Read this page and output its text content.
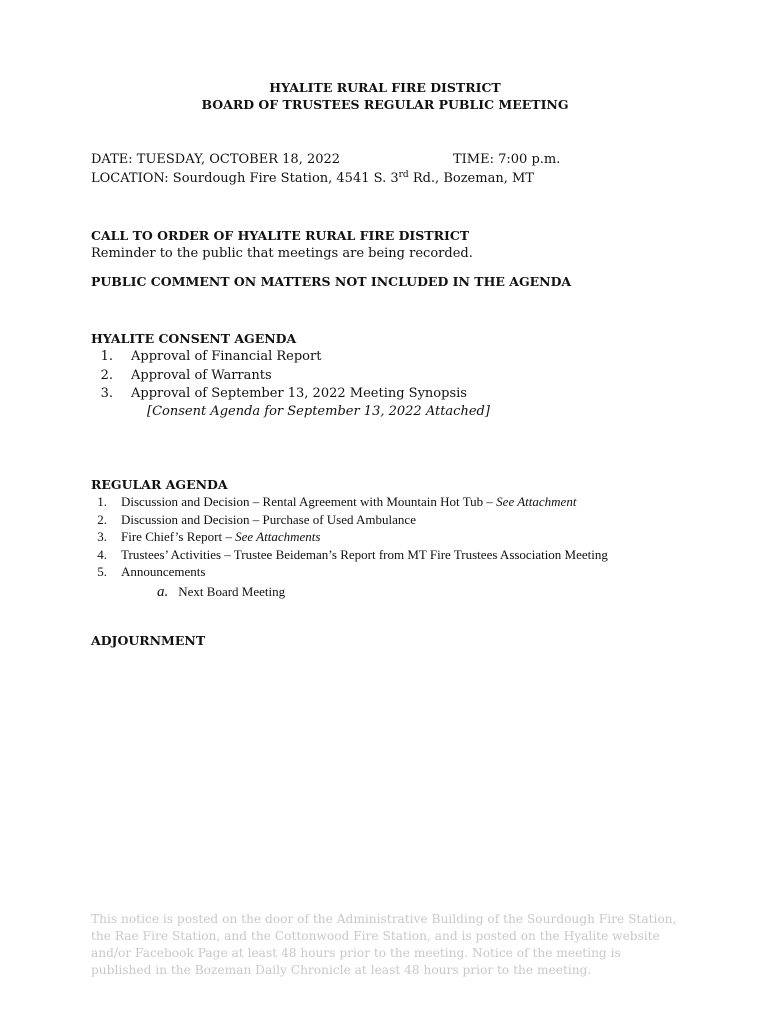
HYALITE RURAL FIRE DISTRICT
BOARD OF TRUSTEES REGULAR PUBLIC MEETING
DATE: TUESDAY, OCTOBER 18, 2022	TIME: 7:00 p.m.
LOCATION: Sourdough Fire Station, 4541 S. 3rd Rd., Bozeman, MT
CALL TO ORDER OF HYALITE RURAL FIRE DISTRICT
Reminder to the public that meetings are being recorded.
PUBLIC COMMENT ON MATTERS NOT INCLUDED IN THE AGENDA
HYALITE CONSENT AGENDA
1. Approval of Financial Report
2. Approval of Warrants
3. Approval of September 13, 2022 Meeting Synopsis
[Consent Agenda for September 13, 2022 Attached]
REGULAR AGENDA
1. Discussion and Decision – Rental Agreement with Mountain Hot Tub – See Attachment
2. Discussion and Decision – Purchase of Used Ambulance
3. Fire Chief’s Report – See Attachments
4. Trustees’ Activities – Trustee Beideman’s Report from MT Fire Trustees Association Meeting
5. Announcements
a. Next Board Meeting
ADJOURNMENT
This notice is posted on the door of the Administrative Building of the Sourdough Fire Station, the Rae Fire Station, and the Cottonwood Fire Station, and is posted on the Hyalite website and/or Facebook Page at least 48 hours prior to the meeting. Notice of the meeting is published in the Bozeman Daily Chronicle at least 48 hours prior to the meeting.
